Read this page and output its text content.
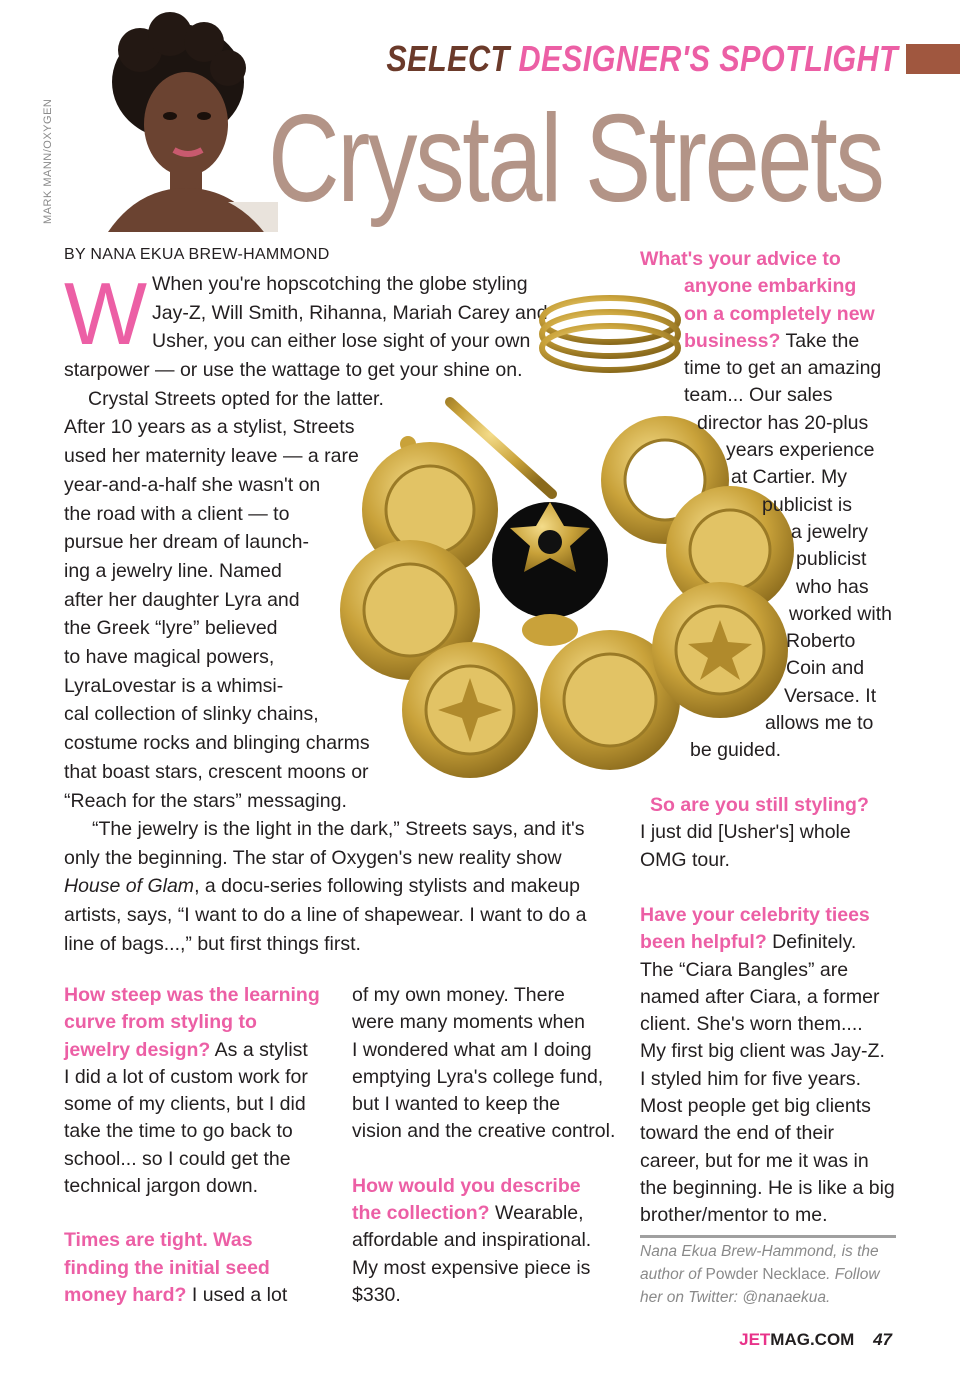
MARK MANN/OXYGEN
SELECT DESIGNER'S SPOTLIGHT
Crystal Streets
BY NANA EKUA BREW-HAMMOND
W When you're hopscotching the globe styling
Jay-Z, Will Smith, Rihanna, Mariah Carey and
Usher, you can either lose sight of your own
starpower — or use the wattage to get your shine on.
Crystal Streets opted for the latter.
After 10 years as a stylist, Streets
used her maternity leave — a rare
year-and-a-half she wasn't on
the road with a client — to
pursue her dream of launch-
ing a jewelry line. Named
after her daughter Lyra and
the Greek “lyre” believed
to have magical powers,
LyraLovestar is a whimsi-
cal collection of slinky chains,
costume rocks and blinging charms
that boast stars, crescent moons or
“Reach for the stars” messaging.
“The jewelry is the light in the dark,” Streets says, and it's
only the beginning. The star of Oxygen's new reality show
House of Glam, a docu-series following stylists and makeup
artists, says, “I want to do a line of shapewear. I want to do a
line of bags...,” but first things first.
How steep was the learning
curve from styling to
jewelry design? As a stylist
I did a lot of custom work for
some of my clients, but I did
take the time to go back to
school... so I could get the
technical jargon down.
Times are tight. Was
finding the initial seed
money hard? I used a lot
of my own money. There
were many moments when
I wondered what am I doing
emptying Lyra's college fund,
but I wanted to keep the
vision and the creative control.
How would you describe
the collection? Wearable,
affordable and inspirational.
My most expensive piece is
$330.
What's your advice to
anyone embarking
on a completely new
business? Take the
time to get an amazing
team... Our sales
director has 20-plus
years experience
at Cartier. My
publicist is
a jewelry
publicist
who has
worked with
Roberto
Coin and
Versace. It
allows me to
be guided.
So are you still styling?
I just did [Usher's] whole
OMG tour.
Have your celebrity tiees
been helpful? Definitely.
The “Ciara Bangles” are
named after Ciara, a former
client. She's worn them....
My first big client was Jay-Z.
I styled him for five years.
Most people get big clients
toward the end of their
career, but for me it was in
the beginning. He is like a big
brother/mentor to me.
Nana Ekua Brew-Hammond, is the
author of Powder Necklace. Follow
her on Twitter: @nanaekua.
JETMAG.COM 47
